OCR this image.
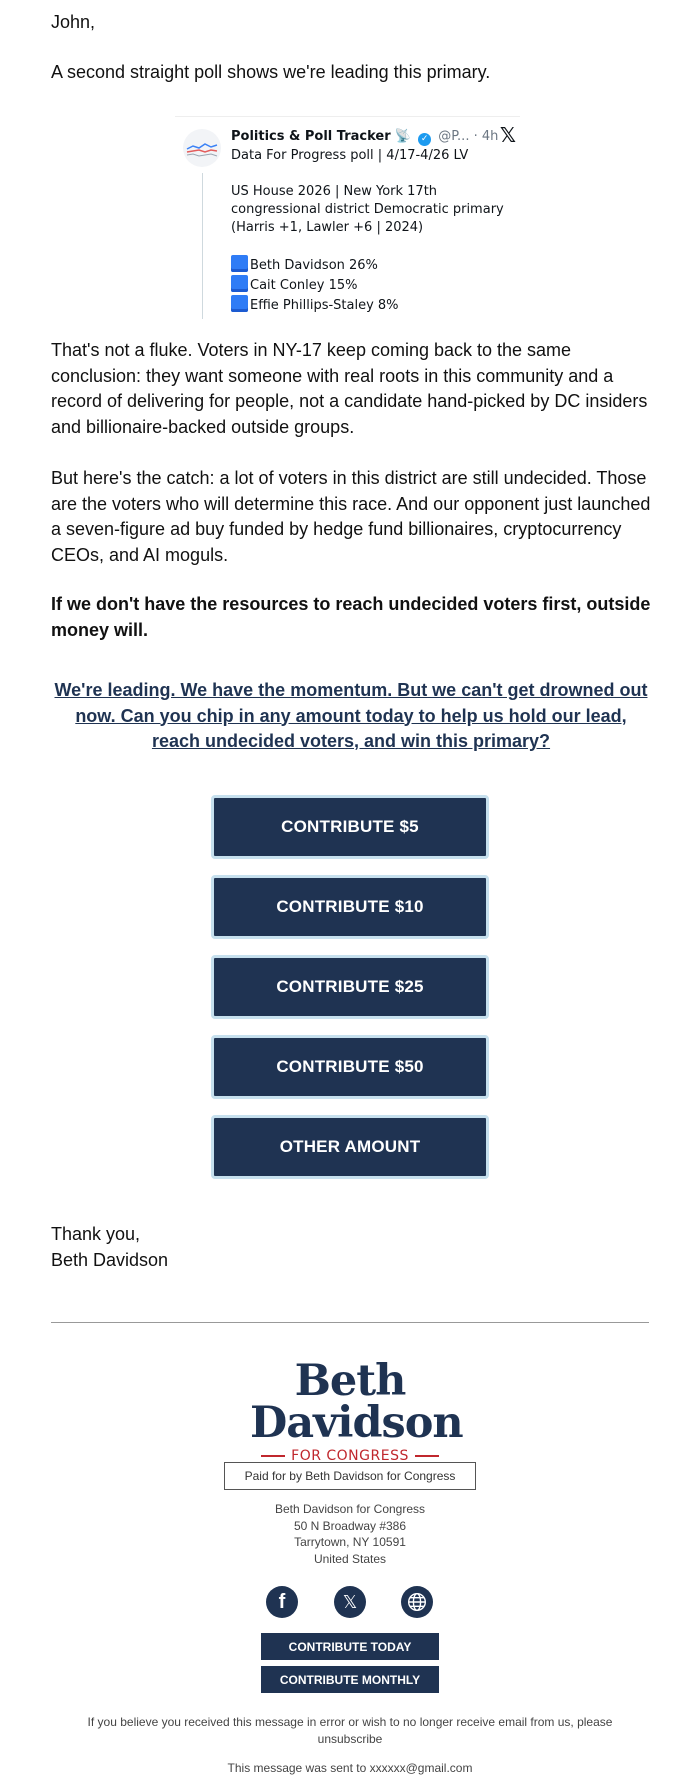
John,

A second straight poll shows we're leading this primary.

Politics & Poll Tracker 📡 ✓ @P... · 4h 𝕏
Data For Progress poll | 4/17-4/26 LV
US House 2026 | New York 17th
congressional district Democratic primary
(Harris +1, Lawler +6 | 2024)
Beth Davidson 26%
Cait Conley 15%
Effie Phillips-Staley 8%

That's not a fluke. Voters in NY-17 keep coming back to the same conclusion: they want someone with real roots in this community and a record of delivering for people, not a candidate hand-picked by DC insiders and billionaire-backed outside groups.

But here's the catch: a lot of voters in this district are still undecided. Those are the voters who will determine this race. And our opponent just launched a seven-figure ad buy funded by hedge fund billionaires, cryptocurrency CEOs, and AI moguls.

If we don't have the resources to reach undecided voters first, outside money will.

We're leading. We have the momentum. But we can't get drowned out now. Can you chip in any amount today to help us hold our lead, reach undecided voters, and win this primary?
CONTRIBUTE $5
CONTRIBUTE $10
CONTRIBUTE $25
CONTRIBUTE $50
OTHER AMOUNT
Thank you,
Beth Davidson
Beth
Davidson
FOR CONGRESS
Paid for by Beth Davidson for Congress
Beth Davidson for Congress
50 N Broadway #386
Tarrytown, NY 10591
United States
f	𝕏
CONTRIBUTE TODAY
CONTRIBUTE MONTHLY
If you believe you received this message in error or wish to no longer receive email from us, please unsubscribe
This message was sent to xxxxxx@gmail.com
